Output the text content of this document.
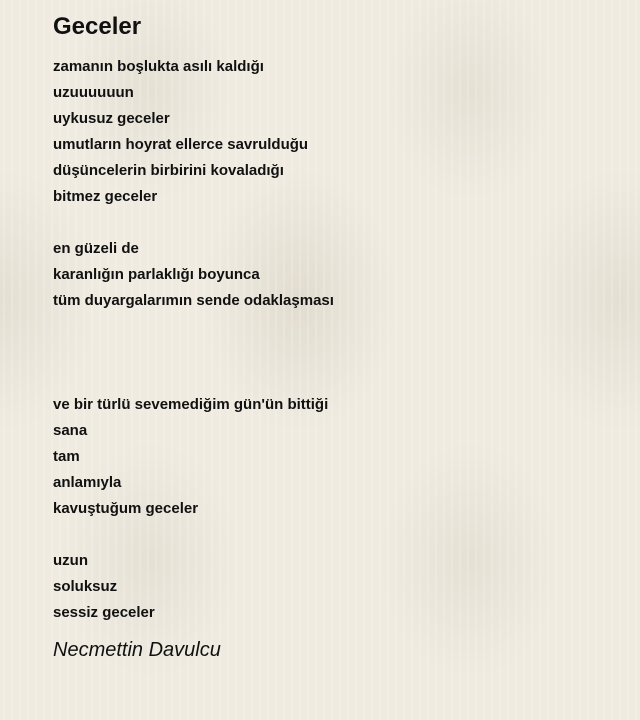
Geceler
zamanın boşlukta asılı kaldığı
uzuuuuuun
uykusuz geceler
umutların hoyrat ellerce savrulduğu
düşüncelerin birbirini kovaladığı
bitmez geceler
en güzeli de
karanlığın parlaklığı boyunca
tüm duyargalarımın sende odaklaşması
ve bir türlü sevemediğim gün'ün bittiği
sana
tam
anlamıyla
kavuştuğum geceler
uzun
soluksuz
sessiz geceler
Necmettin Davulcu
